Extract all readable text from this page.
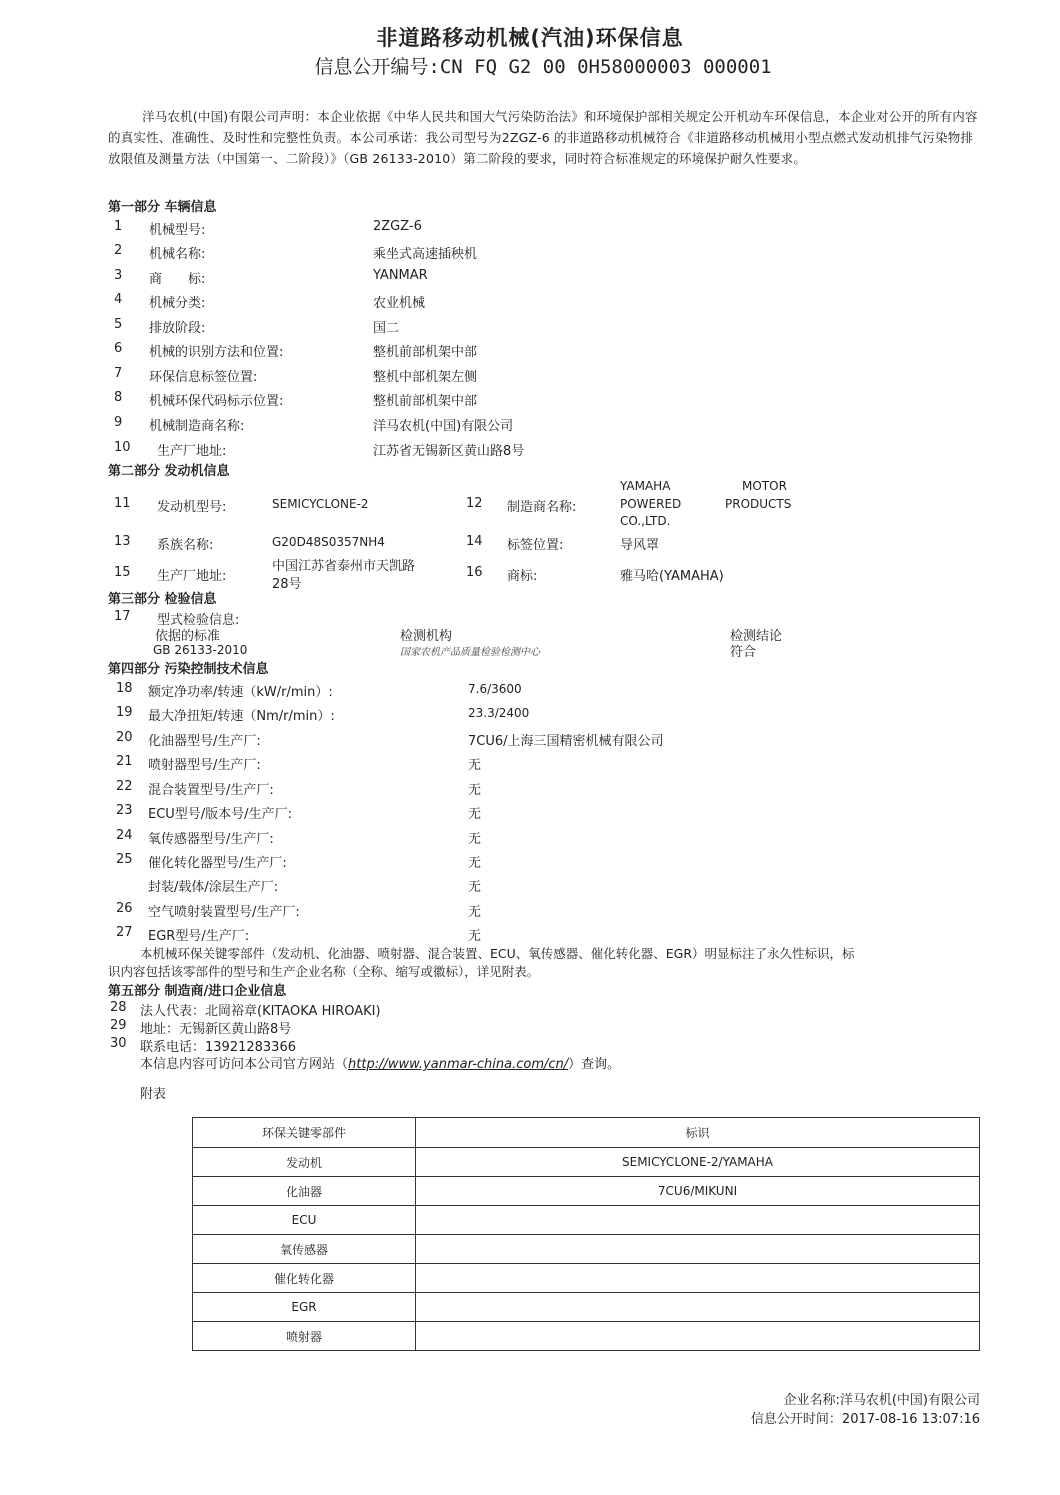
非道路移动机械(汽油)环保信息
信息公开编号:CN FQ G2 00 0H58000003 000001
洋马农机(中国)有限公司声明：本企业依据《中华人民共和国大气污染防治法》和环境保护部相关规定公开机动车环保信息，本企业对公开的所有内容的真实性、准确性、及时性和完整性负责。本公司承诺：我公司型号为2ZGZ-6 的非道路移动机械符合《非道路移动机械用小型点燃式发动机排气污染物排放限值及测量方法（中国第一、二阶段）》（GB 26133-2010）第二阶段的要求，同时符合标准规定的环境保护耐久性要求。
第一部分 车辆信息
1 机械型号:	2ZGZ-6
2 机械名称:	乘坐式高速插秧机
3 商　　标:	YANMAR
4 机械分类:	农业机械
5 排放阶段:	国二
6 机械的识别方法和位置:	整机前部机架中部
7 环保信息标签位置:	整机中部机架左侧
8 机械环保代码标示位置:	整机前部机架中部
9 机械制造商名称:	洋马农机(中国)有限公司
10 生产厂地址:	江苏省无锡新区黄山路8号
第二部分 发动机信息
11 发动机型号:	SEMICYCLONE-2	12 制造商名称:
YAMAHA	MOTOR
POWERED	PRODUCTS
CO.,LTD.
13 系族名称:	G20D48S0357NH4	14 标签位置:	导风罩
15 生产厂地址:
中国江苏省泰州市天凯路
28号
16 商标:	雅马哈(YAMAHA)
第三部分 检验信息
17 型式检验信息:
依据的标准	检测机构	检测结论
GB 26133-2010	国家农机产品质量检验检测中心	符合
第四部分 污染控制技术信息
18 额定净功率/转速（kW/r/min）:	7.6/3600
19 最大净扭矩/转速（Nm/r/min）:	23.3/2400
20 化油器型号/生产厂:	7CU6/上海三国精密机械有限公司
21 喷射器型号/生产厂:	无
22 混合装置型号/生产厂:	无
23 ECU型号/版本号/生产厂:	无
24 氧传感器型号/生产厂:	无
25 催化转化器型号/生产厂:	无
封装/载体/涂层生产厂:	无
26 空气喷射装置型号/生产厂:	无
27 EGR型号/生产厂:	无
本机械环保关键零部件（发动机、化油器、喷射器、混合装置、ECU、氧传感器、催化转化器、EGR）明显标注了永久性标识，标
识内容包括该零部件的型号和生产企业名称（全称、缩写或徽标），详见附表。
第五部分 制造商/进口企业信息
28 法人代表：北岡裕章(KITAOKA HIROAKI)
29 地址：无锡新区黄山路8号
30 联系电话：13921283366
本信息内容可访问本公司官方网站（http://www.yanmar-china.com/cn/）查询。
附表
环保关键零部件	标识
发动机	SEMICYCLONE-2/YAMAHA
化油器	7CU6/MIKUNI
ECU	
氧传感器	
催化转化器	
EGR	
喷射器	
企业名称:洋马农机(中国)有限公司
信息公开时间：2017-08-16 13:07:16
